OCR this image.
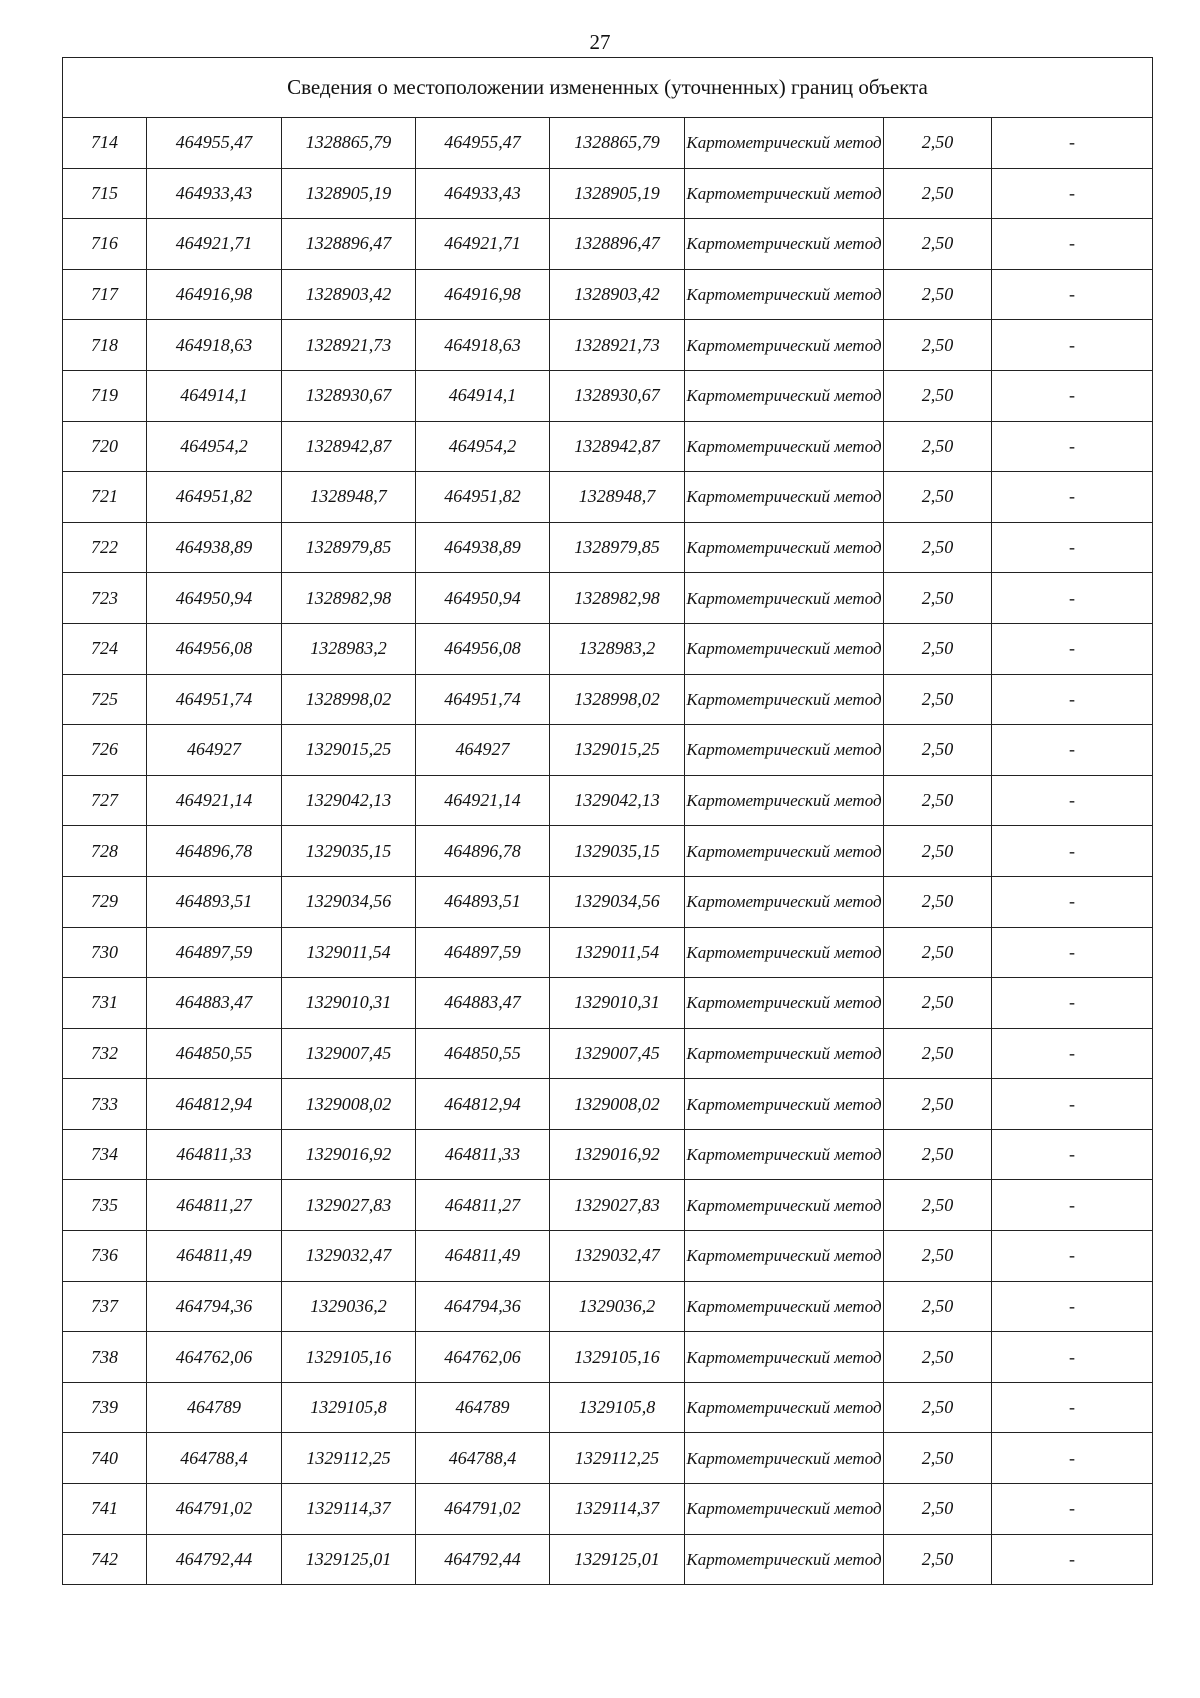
27
Сведения о местоположении измененных (уточненных) границ объекта							
714	464955,47	1328865,79	464955,47	1328865,79	Картометрический метод	2,50	-
715	464933,43	1328905,19	464933,43	1328905,19	Картометрический метод	2,50	-
716	464921,71	1328896,47	464921,71	1328896,47	Картометрический метод	2,50	-
717	464916,98	1328903,42	464916,98	1328903,42	Картометрический метод	2,50	-
718	464918,63	1328921,73	464918,63	1328921,73	Картометрический метод	2,50	-
719	464914,1	1328930,67	464914,1	1328930,67	Картометрический метод	2,50	-
720	464954,2	1328942,87	464954,2	1328942,87	Картометрический метод	2,50	-
721	464951,82	1328948,7	464951,82	1328948,7	Картометрический метод	2,50	-
722	464938,89	1328979,85	464938,89	1328979,85	Картометрический метод	2,50	-
723	464950,94	1328982,98	464950,94	1328982,98	Картометрический метод	2,50	-
724	464956,08	1328983,2	464956,08	1328983,2	Картометрический метод	2,50	-
725	464951,74	1328998,02	464951,74	1328998,02	Картометрический метод	2,50	-
726	464927	1329015,25	464927	1329015,25	Картометрический метод	2,50	-
727	464921,14	1329042,13	464921,14	1329042,13	Картометрический метод	2,50	-
728	464896,78	1329035,15	464896,78	1329035,15	Картометрический метод	2,50	-
729	464893,51	1329034,56	464893,51	1329034,56	Картометрический метод	2,50	-
730	464897,59	1329011,54	464897,59	1329011,54	Картометрический метод	2,50	-
731	464883,47	1329010,31	464883,47	1329010,31	Картометрический метод	2,50	-
732	464850,55	1329007,45	464850,55	1329007,45	Картометрический метод	2,50	-
733	464812,94	1329008,02	464812,94	1329008,02	Картометрический метод	2,50	-
734	464811,33	1329016,92	464811,33	1329016,92	Картометрический метод	2,50	-
735	464811,27	1329027,83	464811,27	1329027,83	Картометрический метод	2,50	-
736	464811,49	1329032,47	464811,49	1329032,47	Картометрический метод	2,50	-
737	464794,36	1329036,2	464794,36	1329036,2	Картометрический метод	2,50	-
738	464762,06	1329105,16	464762,06	1329105,16	Картометрический метод	2,50	-
739	464789	1329105,8	464789	1329105,8	Картометрический метод	2,50	-
740	464788,4	1329112,25	464788,4	1329112,25	Картометрический метод	2,50	-
741	464791,02	1329114,37	464791,02	1329114,37	Картометрический метод	2,50	-
742	464792,44	1329125,01	464792,44	1329125,01	Картометрический метод	2,50	-
